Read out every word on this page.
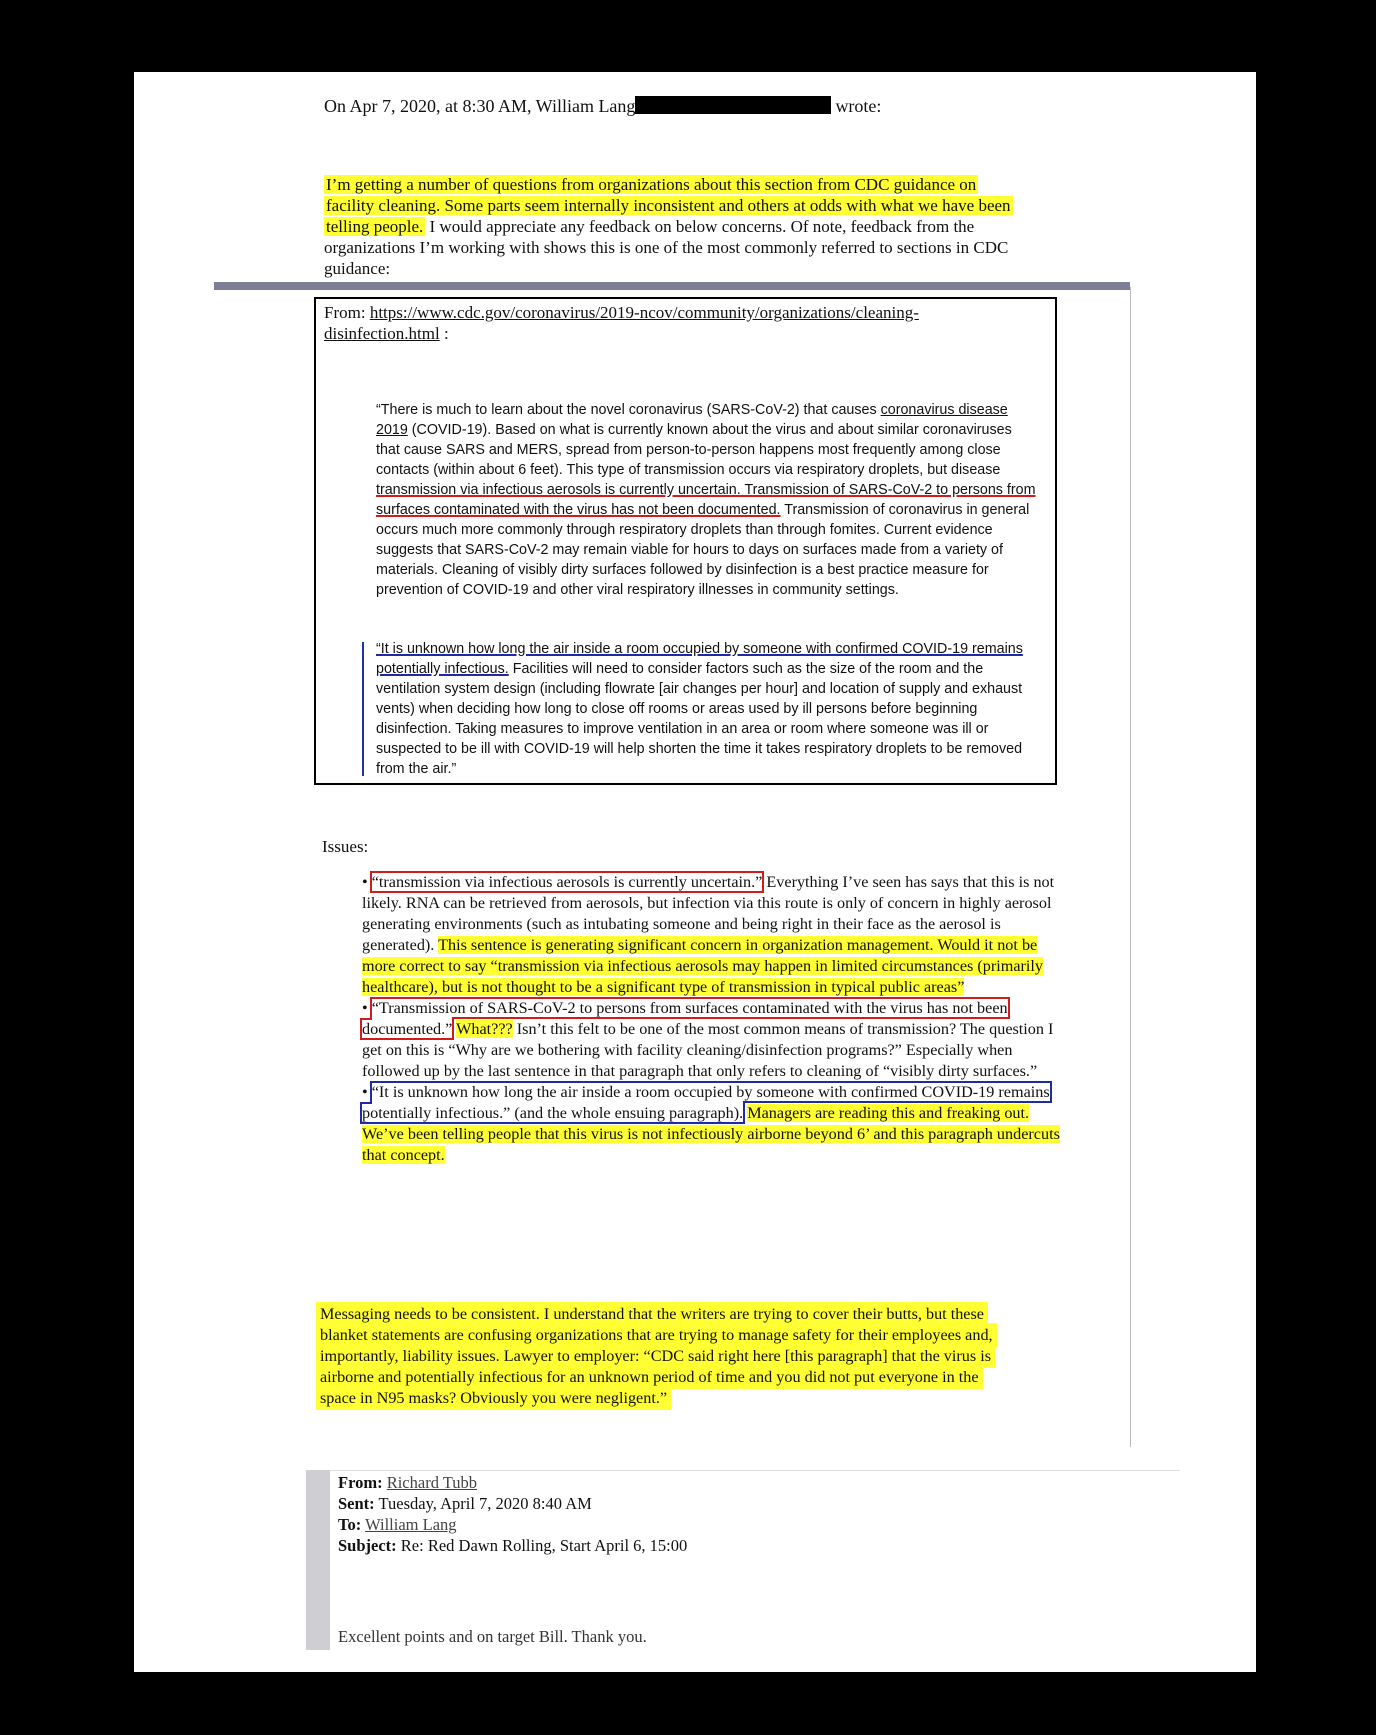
On Apr 7, 2020, at 8:30 AM, William Lang	wrote:
I’m getting a number of questions from organizations about this section from CDC guidance on facility cleaning. Some parts seem internally inconsistent and others at odds with what we have been telling people. I would appreciate any feedback on below concerns. Of note, feedback from the organizations I’m working with shows this is one of the most commonly referred to sections in CDC guidance:
From: https://www.cdc.gov/coronavirus/2019-ncov/community/organizations/cleaning-disinfection.html :
“There is much to learn about the novel coronavirus (SARS-CoV-2) that causes coronavirus disease 2019 (COVID-19). Based on what is currently known about the virus and about similar coronaviruses that cause SARS and MERS, spread from person-to-person happens most frequently among close contacts (within about 6 feet). This type of transmission occurs via respiratory droplets, but disease transmission via infectious aerosols is currently uncertain. Transmission of SARS-CoV-2 to persons from surfaces contaminated with the virus has not been documented. Transmission of coronavirus in general occurs much more commonly through respiratory droplets than through fomites. Current evidence suggests that SARS-CoV-2 may remain viable for hours to days on surfaces made from a variety of materials. Cleaning of visibly dirty surfaces followed by disinfection is a best practice measure for prevention of COVID-19 and other viral respiratory illnesses in community settings.
“It is unknown how long the air inside a room occupied by someone with confirmed COVID-19 remains potentially infectious. Facilities will need to consider factors such as the size of the room and the ventilation system design (including flowrate [air changes per hour] and location of supply and exhaust vents) when deciding how long to close off rooms or areas used by ill persons before beginning disinfection. Taking measures to improve ventilation in an area or room where someone was ill or suspected to be ill with COVID-19 will help shorten the time it takes respiratory droplets to be removed from the air.”
Issues:
• “transmission via infectious aerosols is currently uncertain.” Everything I’ve seen has says that this is not likely. RNA can be retrieved from aerosols, but infection via this route is only of concern in highly aerosol generating environments (such as intubating someone and being right in their face as the aerosol is generated). This sentence is generating significant concern in organization management. Would it not be more correct to say “transmission via infectious aerosols may happen in limited circumstances (primarily healthcare), but is not thought to be a significant type of transmission in typical public areas”
• “Transmission of SARS-CoV-2 to persons from surfaces contaminated with the virus has not been documented.” What??? Isn’t this felt to be one of the most common means of transmission? The question I get on this is “Why are we bothering with facility cleaning/disinfection programs?” Especially when followed up by the last sentence in that paragraph that only refers to cleaning of “visibly dirty surfaces.”
• “It is unknown how long the air inside a room occupied by someone with confirmed COVID-19 remains potentially infectious.” (and the whole ensuing paragraph). Managers are reading this and freaking out. We’ve been telling people that this virus is not infectiously airborne beyond 6’ and this paragraph undercuts that concept.
Messaging needs to be consistent. I understand that the writers are trying to cover their butts, but these blanket statements are confusing organizations that are trying to manage safety for their employees and, importantly, liability issues. Lawyer to employer: “CDC said right here [this paragraph] that the virus is airborne and potentially infectious for an unknown period of time and you did not put everyone in the space in N95 masks? Obviously you were negligent.”
From: Richard Tubb
Sent: Tuesday, April 7, 2020 8:40 AM
To: William Lang
Subject: Re: Red Dawn Rolling, Start April 6, 15:00
Excellent points and on target Bill. Thank you.
